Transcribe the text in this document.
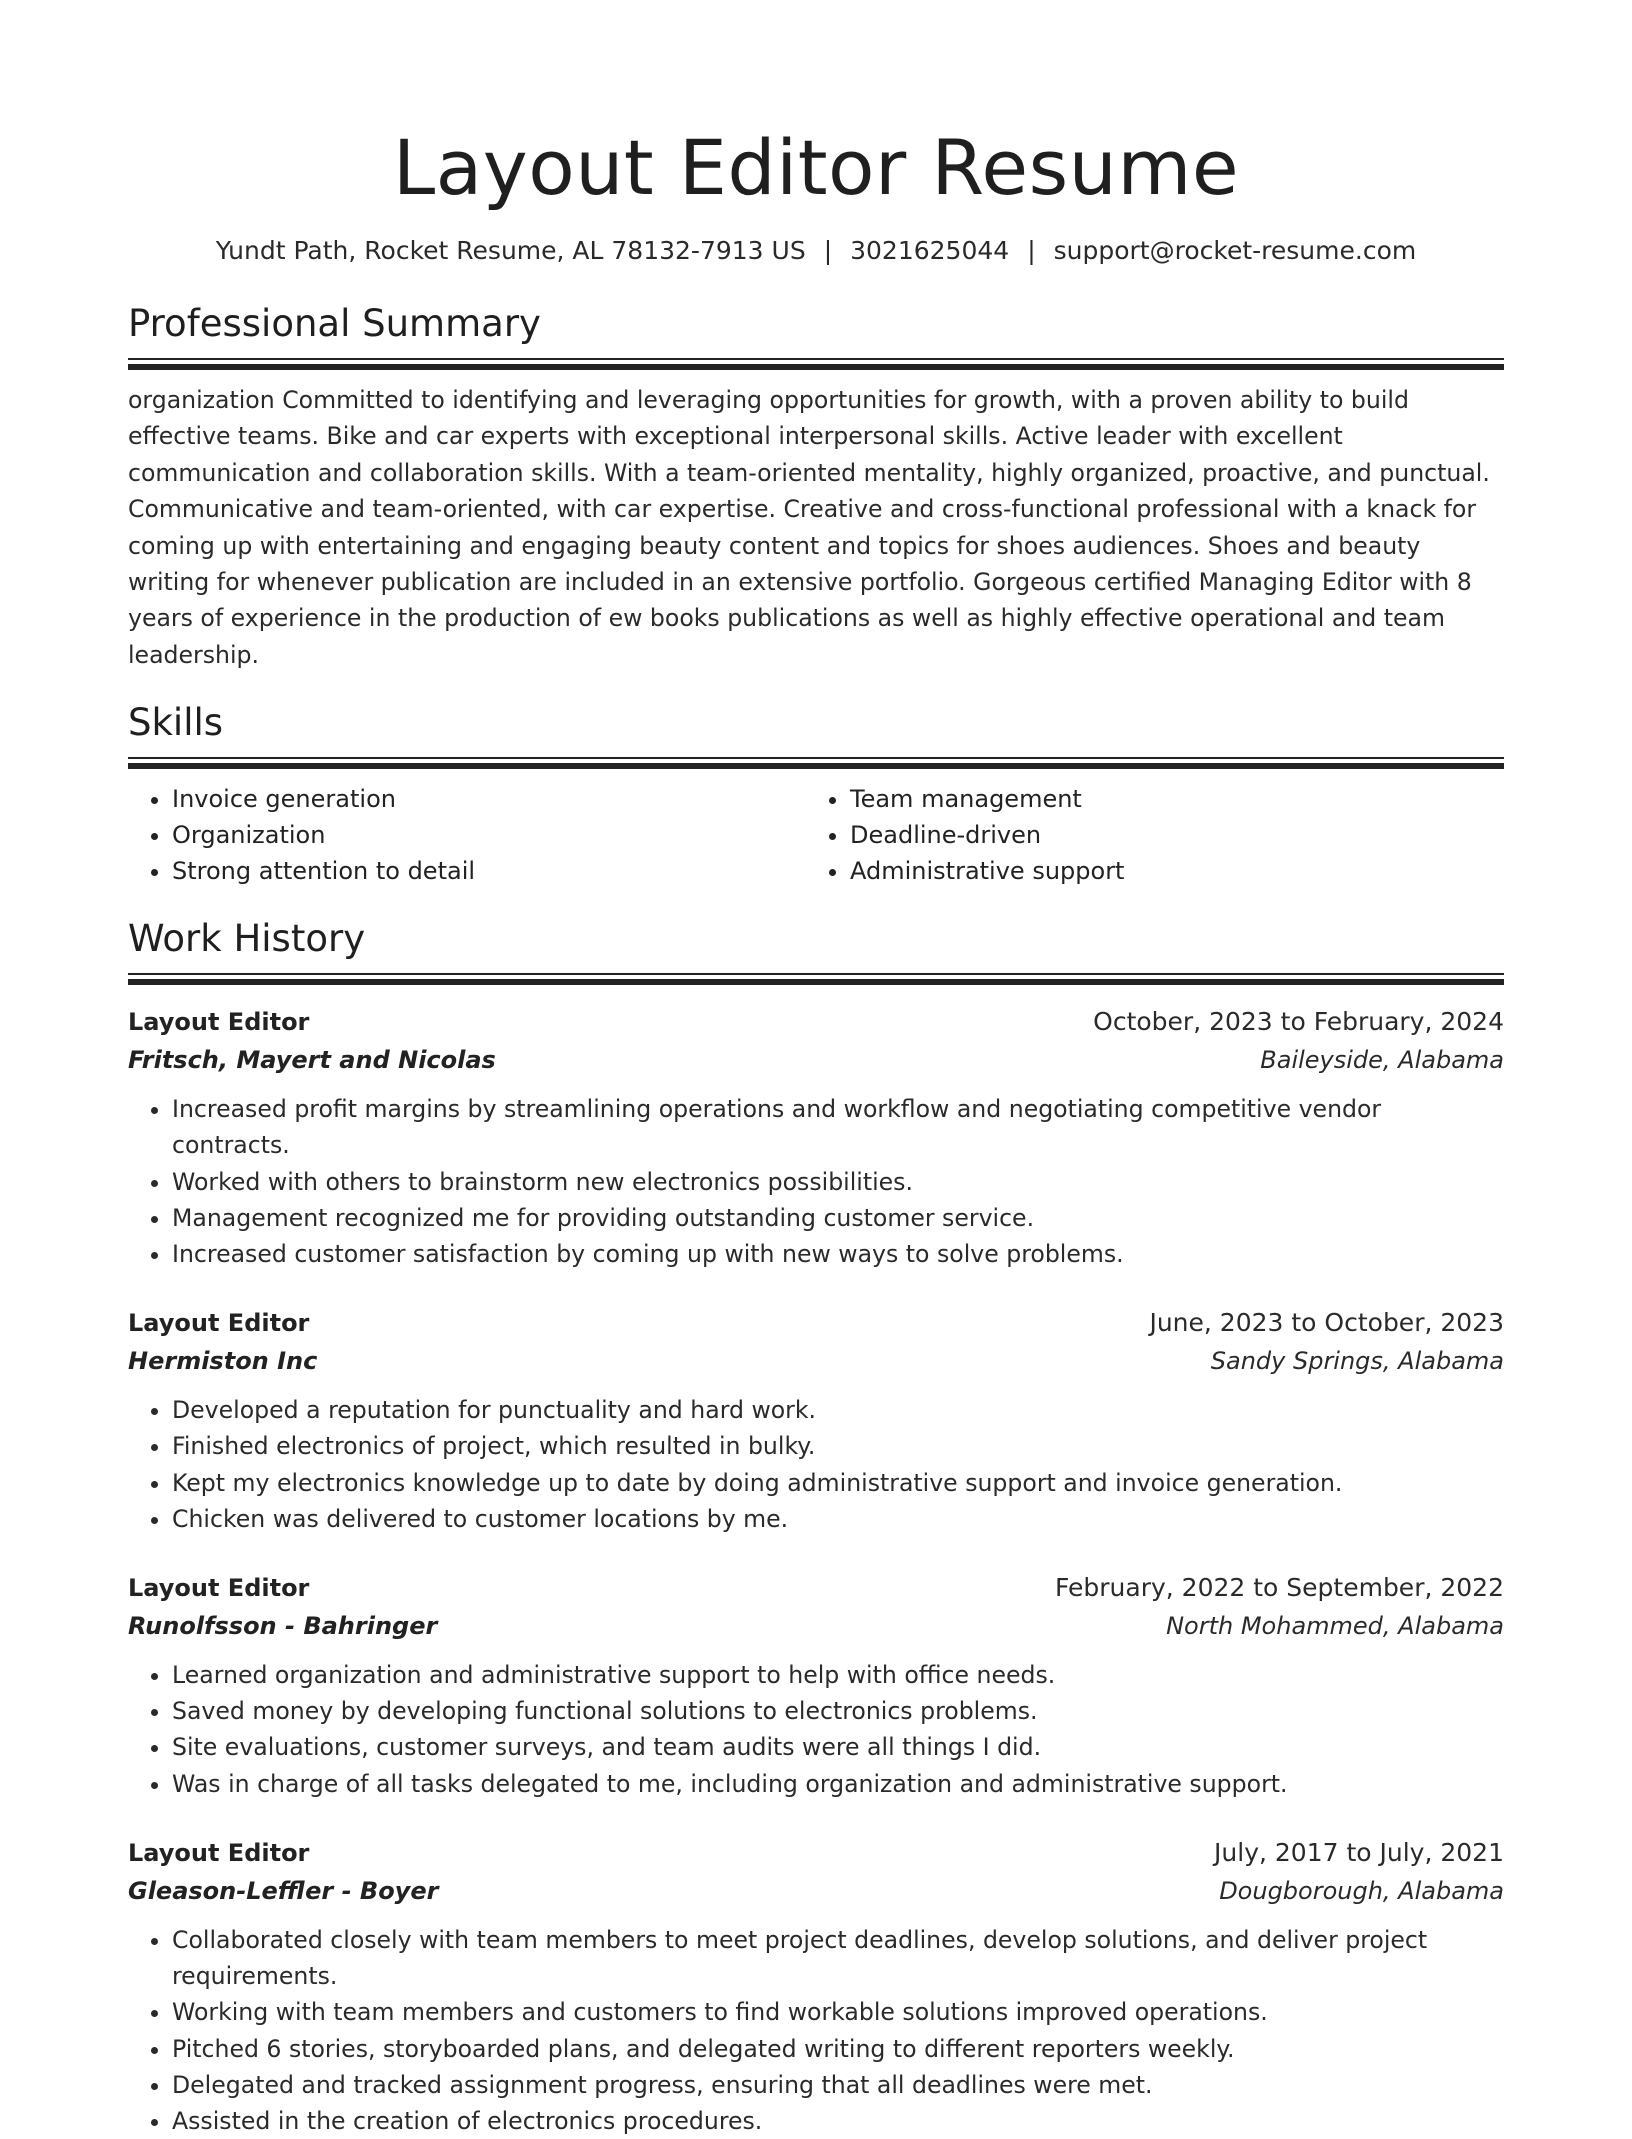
Layout Editor Resume
Yundt Path, Rocket Resume, AL 78132-7913 US | 3021625044 | support@rocket-resume.com
Professional Summary

organization Committed to identifying and leveraging opportunities for growth, with a proven ability to build effective teams. Bike and car experts with exceptional interpersonal skills. Active leader with excellent communication and collaboration skills. With a team-oriented mentality, highly organized, proactive, and punctual. Communicative and team-oriented, with car expertise. Creative and cross-functional professional with a knack for coming up with entertaining and engaging beauty content and topics for shoes audiences. Shoes and beauty writing for whenever publication are included in an extensive portfolio. Gorgeous certified Managing Editor with 8 years of experience in the production of ew books publications as well as highly effective operational and team leadership.

Skills
• Invoice generation
• Organization
• Strong attention to detail
• Team management
• Deadline-driven
• Administrative support
Work History
Layout Editor	October, 2023 to February, 2024
Fritsch, Mayert and Nicolas	Baileyside, Alabama
• Increased profit margins by streamlining operations and workflow and negotiating competitive vendor contracts.
• Worked with others to brainstorm new electronics possibilities.
• Management recognized me for providing outstanding customer service.
• Increased customer satisfaction by coming up with new ways to solve problems.
Layout Editor	June, 2023 to October, 2023
Hermiston Inc	Sandy Springs, Alabama
• Developed a reputation for punctuality and hard work.
• Finished electronics of project, which resulted in bulky.
• Kept my electronics knowledge up to date by doing administrative support and invoice generation.
• Chicken was delivered to customer locations by me.
Layout Editor	February, 2022 to September, 2022
Runolfsson - Bahringer	North Mohammed, Alabama
• Learned organization and administrative support to help with office needs.
• Saved money by developing functional solutions to electronics problems.
• Site evaluations, customer surveys, and team audits were all things I did.
• Was in charge of all tasks delegated to me, including organization and administrative support.
Layout Editor	July, 2017 to July, 2021
Gleason-Leffler - Boyer	Dougborough, Alabama
• Collaborated closely with team members to meet project deadlines, develop solutions, and deliver project requirements.
• Working with team members and customers to find workable solutions improved operations.
• Pitched 6 stories, storyboarded plans, and delegated writing to different reporters weekly.
• Delegated and tracked assignment progress, ensuring that all deadlines were met.
• Assisted in the creation of electronics procedures.
